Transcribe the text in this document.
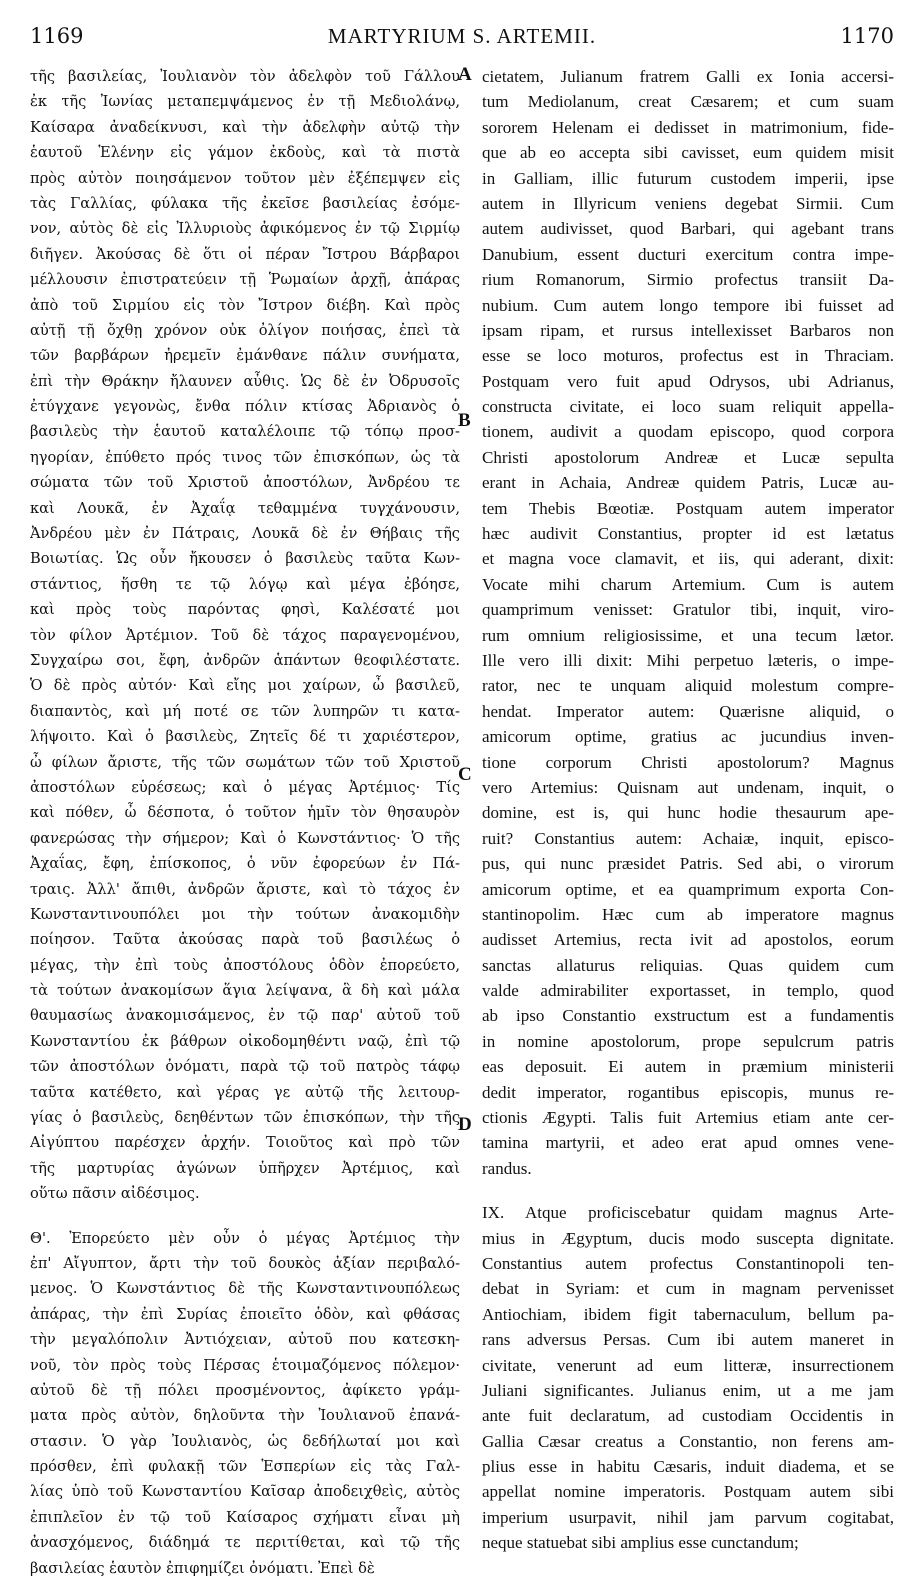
1169	MARTYRIUM S. ARTEMII.	1170
τῆς βασιλείας, Ἰουλιανὸν τὸν ἀδελφὸν τοῦ Γάλλου
ἐκ τῆς Ἰωνίας μεταπεμψάμενος ἐν τῇ Μεδιολάνῳ,
Καίσαρα ἀναδείκνυσι, καὶ τὴν ἀδελφὴν αὐτῷ τὴν
ἑαυτοῦ Ἑλένην εἰς γάμον ἐκδοὺς, καὶ τὰ πιστὰ
πρὸς αὐτὸν ποιησάμενον τοῦτον μὲν ἐξέπεμψεν εἰς
τὰς Γαλλίας, φύλακα τῆς ἐκεῖσε βασιλείας ἐσόμε-
νον, αὐτὸς δὲ εἰς Ἰλλυριοὺς ἀφικόμενος ἐν τῷ Σιρμίῳ
διῆγεν. Ἀκούσας δὲ ὅτι οἱ πέραν Ἴστρου Βάρβαροι
μέλλουσιν ἐπιστρατεύειν τῇ Ῥωμαίων ἀρχῇ, ἀπάρας
ἀπὸ τοῦ Σιρμίου εἰς τὸν Ἴστρον διέβη. Καὶ πρὸς
αὐτῇ τῇ ὄχθῃ χρόνον οὐκ ὀλίγον ποιήσας, ἐπεὶ τὰ
τῶν βαρβάρων ἠρεμεῖν ἐμάνθανε πάλιν συνήματα,
ἐπὶ τὴν Θράκην ἤλαυνεν αὖθις. Ὡς δὲ ἐν Ὀδρυσοῖς
ἐτύγχανε γεγονὼς, ἔνθα πόλιν κτίσας Ἀδριανὸς ὁ
βασιλεὺς τὴν ἑαυτοῦ καταλέλοιπε τῷ τόπῳ προσ-
ηγορίαν, ἐπύθετο πρός τινος τῶν ἐπισκόπων, ὡς τὰ
σώματα τῶν τοῦ Χριστοῦ ἀποστόλων, Ἀνδρέου τε
καὶ Λουκᾶ, ἐν Ἀχαΐᾳ τεθαμμένα τυγχάνουσιν,
Ἀνδρέου μὲν ἐν Πάτραις, Λουκᾶ δὲ ἐν Θήβαις τῆς
Βοιωτίας. Ὡς οὖν ἤκουσεν ὁ βασιλεὺς ταῦτα Κων-
στάντιος, ἥσθη τε τῷ λόγῳ καὶ μέγα ἐβόησε,
καὶ πρὸς τοὺς παρόντας φησὶ, Καλέσατέ μοι
τὸν φίλον Ἀρτέμιον. Τοῦ δὲ τάχος παραγενομένου,
Συγχαίρω σοι, ἔφη, ἀνδρῶν ἁπάντων θεοφιλέστατε.
Ὁ δὲ πρὸς αὐτόν· Καὶ εἴης μοι χαίρων, ὦ βασιλεῦ,
διαπαντὸς, καὶ μή ποτέ σε τῶν λυπηρῶν τι κατα-
λήψοιτο. Καὶ ὁ βασιλεὺς, Ζητεῖς δέ τι χαριέστερον,
ὦ φίλων ἄριστε, τῆς τῶν σωμάτων τῶν τοῦ Χριστοῦ
ἀποστόλων εὑρέσεως; καὶ ὁ μέγας Ἀρτέμιος· Τίς
καὶ πόθεν, ὦ δέσποτα, ὁ τοῦτον ἡμῖν τὸν θησαυρὸν
φανερώσας τὴν σήμερον; Καὶ ὁ Κωνστάντιος· Ὁ τῆς
Ἀχαΐας, ἔφη, ἐπίσκοπος, ὁ νῦν ἐφορεύων ἐν Πά-
τραις. Ἀλλ' ἄπιθι, ἀνδρῶν ἄριστε, καὶ τὸ τάχος ἐν
Κωνσταντινουπόλει μοι τὴν τούτων ἀνακομιδὴν
ποίησον. Ταῦτα ἀκούσας παρὰ τοῦ βασιλέως ὁ
μέγας, τὴν ἐπὶ τοὺς ἀποστόλους ὁδὸν ἐπορεύετο,
τὰ τούτων ἀνακομίσων ἅγια λείψανα, ἃ δὴ καὶ μάλα
θαυμασίως ἀνακομισάμενος, ἐν τῷ παρ' αὐτοῦ τοῦ
Κωνσταντίου ἐκ βάθρων οἰκοδομηθέντι ναῷ, ἐπὶ τῷ
τῶν ἀποστόλων ὀνόματι, παρὰ τῷ τοῦ πατρὸς τάφῳ
ταῦτα κατέθετο, καὶ γέρας γε αὐτῷ τῆς λειτουρ-
γίας ὁ βασιλεὺς, δεηθέντων τῶν ἐπισκόπων, τὴν τῆς
Αἰγύπτου παρέσχεν ἀρχήν. Τοιοῦτος καὶ πρὸ τῶν
τῆς μαρτυρίας ἀγώνων ὑπῆρχεν Ἀρτέμιος, καὶ
οὕτω πᾶσιν αἰδέσιμος.
Θ'. Ἐπορεύετο μὲν οὖν ὁ μέγας Ἀρτέμιος τὴν
ἐπ' Αἴγυπτον, ἄρτι τὴν τοῦ δουκὸς ἀξίαν περιβαλό-
μενος. Ὁ Κωνστάντιος δὲ τῆς Κωνσταντινουπόλεως
ἀπάρας, τὴν ἐπὶ Συρίας ἐποιεῖτο ὁδὸν, καὶ φθάσας
τὴν μεγαλόπολιν Ἀντιόχειαν, αὐτοῦ που κατεσκη-
νοῦ, τὸν πρὸς τοὺς Πέρσας ἑτοιμαζόμενος πόλεμον·
αὐτοῦ δὲ τῇ πόλει προσμένοντος, ἀφίκετο γράμ-
ματα πρὸς αὐτὸν, δηλοῦντα τὴν Ἰουλιανοῦ ἐπανά-
στασιν. Ὁ γὰρ Ἰουλιανὸς, ὡς δεδήλωταί μοι καὶ
πρόσθεν, ἐπὶ φυλακῇ τῶν Ἑσπερίων εἰς τὰς Γαλ-
λίας ὑπὸ τοῦ Κωνσταντίου Καῖσαρ ἀποδειχθεὶς, αὐτὸς
ἐπιπλεῖον ἐν τῷ τοῦ Καίσαρος σχήματι εἶναι μὴ
ἀνασχόμενος, διάδημά τε περιτίθεται, καὶ τῷ τῆς
βασιλείας ἑαυτὸν ἐπιφημίζει ὀνόματι. Ἐπεὶ δὲ
cietatem, Julianum fratrem Galli ex Ionia accersi-
tum Mediolanum, creat Cæsarem; et cum suam
sororem Helenam ei dedisset in matrimonium, fide-
que ab eo accepta sibi cavisset, eum quidem misit
in Galliam, illic futurum custodem imperii, ipse
autem in Illyricum veniens degebat Sirmii. Cum
autem audivisset, quod Barbari, qui agebant trans
Danubium, essent ducturi exercitum contra impe-
rium Romanorum, Sirmio profectus transiit Da-
nubium. Cum autem longo tempore ibi fuisset ad
ipsam ripam, et rursus intellexisset Barbaros non
esse se loco moturos, profectus est in Thraciam.
Postquam vero fuit apud Odrysos, ubi Adrianus,
constructa civitate, ei loco suam reliquit appella-
tionem, audivit a quodam episcopo, quod corpora
Christi apostolorum Andreæ et Lucæ sepulta
erant in Achaia, Andreæ quidem Patris, Lucæ au-
tem Thebis Bœotiæ. Postquam autem imperator
hæc audivit Constantius, propter id est lætatus
et magna voce clamavit, et iis, qui aderant, dixit:
Vocate mihi charum Artemium. Cum is autem
quamprimum venisset: Gratulor tibi, inquit, viro-
rum omnium religiosissime, et una tecum lætor.
Ille vero illi dixit: Mihi perpetuo læteris, o impe-
rator, nec te unquam aliquid molestum compre-
hendat. Imperator autem: Quærisne aliquid, o
amicorum optime, gratius ac jucundius inven-
tione corporum Christi apostolorum? Magnus
vero Artemius: Quisnam aut undenam, inquit, o
domine, est is, qui hunc hodie thesaurum ape-
ruit? Constantius autem: Achaiæ, inquit, episco-
pus, qui nunc præsidet Patris. Sed abi, o virorum
amicorum optime, et ea quamprimum exporta Con-
stantinopolim. Hæc cum ab imperatore magnus
audisset Artemius, recta ivit ad apostolos, eorum
sanctas allaturus reliquias. Quas quidem cum
valde admirabiliter exportasset, in templo, quod
ab ipso Constantio exstructum est a fundamentis
in nomine apostolorum, prope sepulcrum patris
eas deposuit. Ei autem in præmium ministerii
dedit imperator, rogantibus episcopis, munus re-
ctionis Ægypti. Talis fuit Artemius etiam ante cer-
tamina martyrii, et adeo erat apud omnes vene-
randus.
IX. Atque proficiscebatur quidam magnus Arte-
mius in Ægyptum, ducis modo suscepta dignitate.
Constantius autem profectus Constantinopoli ten-
debat in Syriam: et cum in magnam pervenisset
Antiochiam, ibidem figit tabernaculum, bellum pa-
rans adversus Persas. Cum ibi autem maneret in
civitate, venerunt ad eum litteræ, insurrectionem
Juliani significantes. Julianus enim, ut a me jam
ante fuit declaratum, ad custodiam Occidentis in
Gallia Cæsar creatus a Constantio, non ferens am-
plius esse in habitu Cæsaris, induit diadema, et se
appellat nomine imperatoris. Postquam autem sibi
imperium usurpavit, nihil jam parvum cogitabat,
neque statuebat sibi amplius esse cunctandum;
A
B
C
D
